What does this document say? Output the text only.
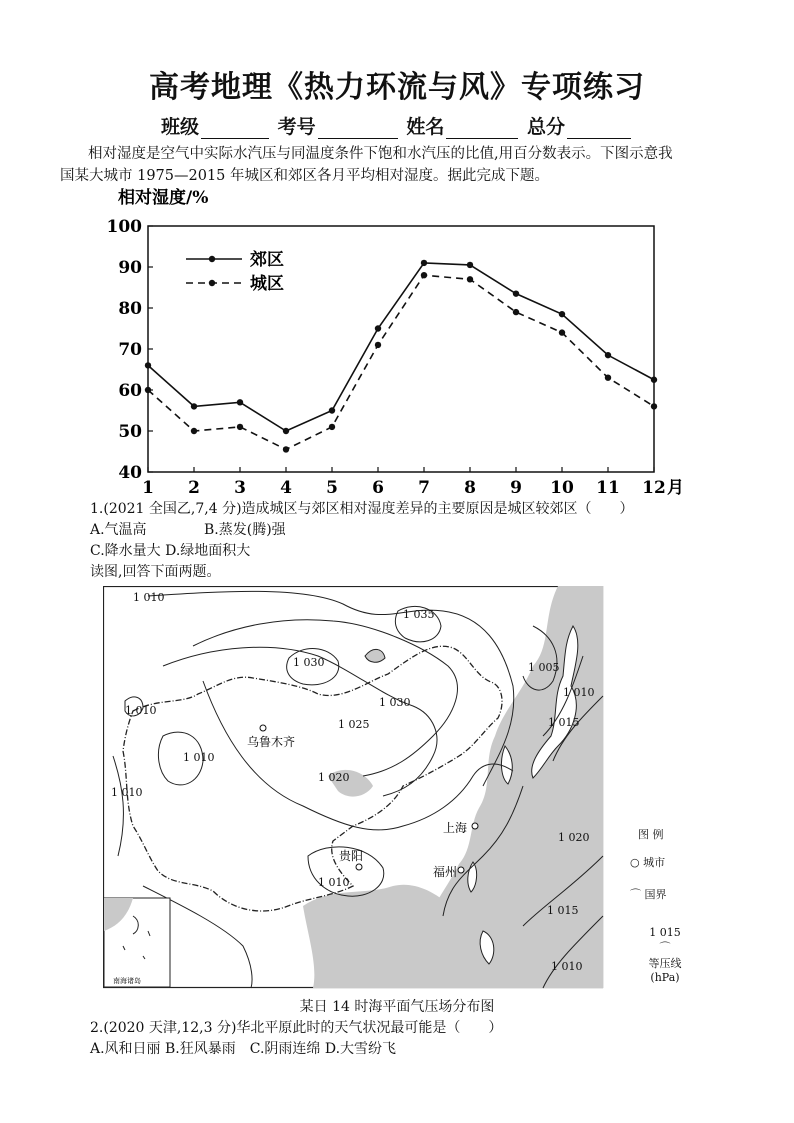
高考地理《热力环流与风》专项练习
班级	考号	姓名	总分
相对湿度是空气中实际水汽压与同温度条件下饱和水汽压的比值,用百分数表示。下图示意我
国某大城市 1975—2015 年城区和郊区各月平均相对湿度。据此完成下题。
相对湿度/%
40
50
60
70
80
90
100
1 2 3 4 5 6 7 8 9 10 11 12 月
郊区
城区
1.(2021 全国乙,7,4 分)造成城区与郊区相对湿度差异的主要原因是城区较郊区（　　）
A.气温高	B.蒸发(腾)强
C.降水量大 D.绿地面积大
读图,回答下面两题。
1 010
1 035
1 030
1 030
1 025
1 020
1 010
1 010
1 010
1 010
1 005
1 010
1 015
1 020
1 015
1 010
乌鲁木齐
上海
贵阳
福州
南海诸岛
图 例
○ 城市
⌒ 国界
1 015
⌒
等压线
(hPa)
某日 14 时海平面气压场分布图
2.(2020 天津,12,3 分)华北平原此时的天气状况最可能是（　　）
A.风和日丽 B.狂风暴雨　C.阴雨连绵 D.大雪纷飞
